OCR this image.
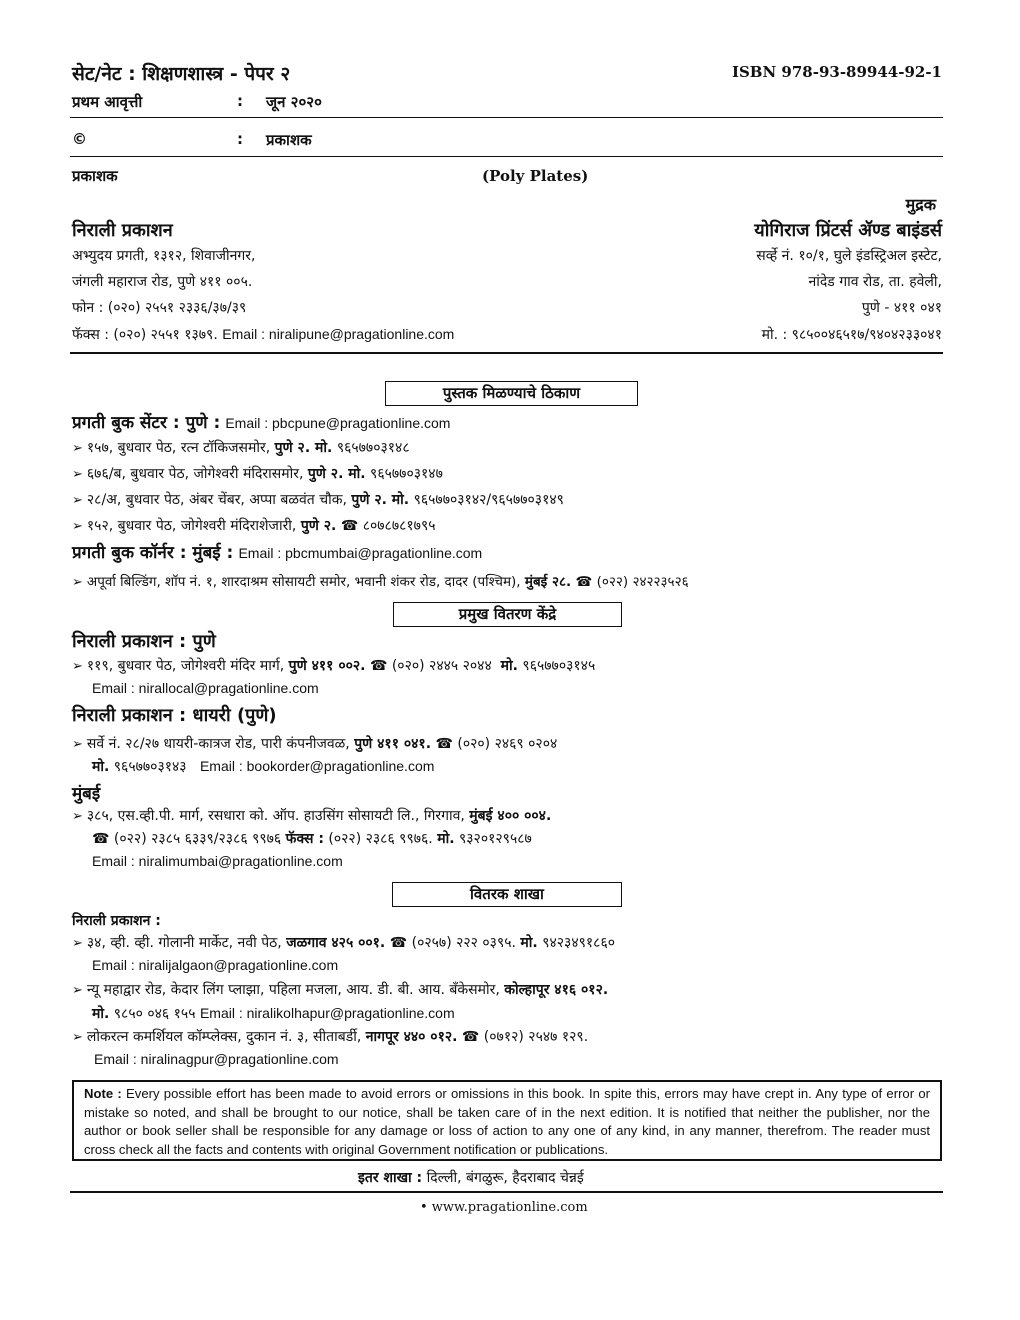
सेट/नेट : शिक्षणशास्त्र - पेपर २	ISBN 978-93-89944-92-1
प्रथम आवृत्ती	: जून २०२०
©	: प्रकाशक
प्रकाशक	(Poly Plates)
मुद्रक
निराली प्रकाशन	योगिराज प्रिंटर्स ॲण्ड बाइंडर्स
अभ्युदय प्रगती, १३१२, शिवाजीनगर,	सर्व्हे नं. १०/१, घुले इंडस्ट्रिअल इस्टेट,
जंगली महाराज रोड, पुणे ४११ ००५.	नांदेड गाव रोड, ता. हवेली,
फोन : (०२०) २५५१ २३३६/३७/३९	पुणे - ४११ ०४१
फॅक्स : (०२०) २५५१ १३७९. Email : niralipune@pragationline.com	मो. : ९८५००४६५१७/९४०४२३३०४१
पुस्तक मिळण्याचे ठिकाण
प्रगती बुक सेंटर : पुणे : Email : pbcpune@pragationline.com
➢ १५७, बुधवार पेठ, रत्न टॉकिजसमोर, पुणे २. मो. ९६५७७०३१४८
➢ ६७६/ब, बुधवार पेठ, जोगेश्वरी मंदिरासमोर, पुणे २. मो. ९६५७७०३१४७
➢ २८/अ, बुधवार पेठ, अंबर चेंबर, अप्पा बळवंत चौक, पुणे २. मो. ९६५७७०३१४२/९६५७७०३१४९
➢ १५२, बुधवार पेठ, जोगेश्वरी मंदिराशेजारी, पुणे २. ☎ ८०७८७८१७९५
प्रगती बुक कॉर्नर : मुंबई : Email : pbcmumbai@pragationline.com
➢ अपूर्वा बिल्डिंग, शॉप नं. १, शारदाश्रम सोसायटी समोर, भवानी शंकर रोड, दादर (पश्चिम), मुंबई २८. ☎ (०२२) २४२२३५२६
प्रमुख वितरण केंद्रे
निराली प्रकाशन : पुणे
➢ ११९, बुधवार पेठ, जोगेश्वरी मंदिर मार्ग, पुणे ४११ ००२. ☎ (०२०) २४४५ २०४४ मो. ९६५७७०३१४५
Email : nirallocal@pragationline.com
निराली प्रकाशन : धायरी (पुणे)
➢ सर्वे नं. २८/२७ धायरी-कात्रज रोड, पारी कंपनीजवळ, पुणे ४११ ०४१. ☎ (०२०) २४६९ ०२०४
मो. ९६५७७०३१४३ Email : bookorder@pragationline.com
मुंबई
➢ ३८५, एस.व्ही.पी. मार्ग, रसधारा को. ऑप. हाउसिंग सोसायटी लि., गिरगाव, मुंबई ४०० ००४.
☎ (०२२) २३८५ ६३३९/२३८६ ९९७६ फॅक्स : (०२२) २३८६ ९९७६. मो. ९३२०१२९५८७
Email : niralimumbai@pragationline.com
वितरक शाखा
निराली प्रकाशन :
➢ ३४, व्ही. व्ही. गोलानी मार्केट, नवी पेठ, जळगाव ४२५ ००१. ☎ (०२५७) २२२ ०३९५. मो. ९४२३४९१८६०
Email : niralijalgaon@pragationline.com
➢ न्यू महाद्वार रोड, केदार लिंग प्लाझा, पहिला मजला, आय. डी. बी. आय. बँकेसमोर, कोल्हापूर ४१६ ०१२.
मो. ९८५० ०४६ १५५ Email : niralikolhapur@pragationline.com
➢ लोकरत्न कमर्शियल कॉम्प्लेक्स, दुकान नं. ३, सीताबर्डी, नागपूर ४४० ०१२. ☎ (०७१२) २५४७ १२९.
Email : niralinagpur@pragationline.com
Note : Every possible effort has been made to avoid errors or omissions in this book. In spite this, errors may have crept in. Any type of error or mistake so noted, and shall be brought to our notice, shall be taken care of in the next edition. It is notified that neither the publisher, nor the author or book seller shall be responsible for any damage or loss of action to any one of any kind, in any manner, therefrom. The reader must cross check all the facts and contents with original Government notification or publications.
इतर शाखा : दिल्ली, बंगळुरू, हैदराबाद चेन्नई
• www.pragationline.com
